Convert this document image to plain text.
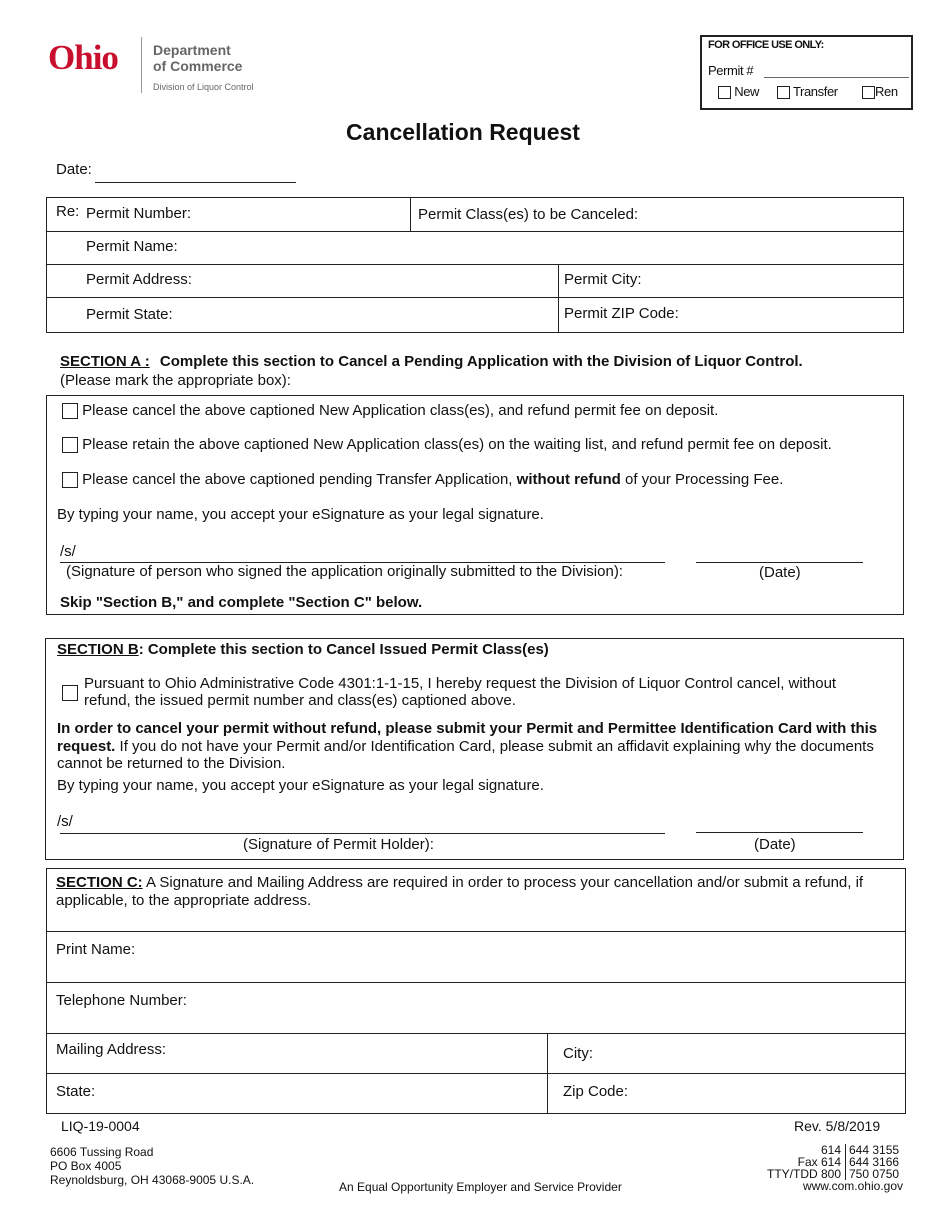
Ohio	Department
of Commerce
Division of Liquor Control
FOR OFFICE USE ONLY:
Permit #
New	Transfer	Ren
Cancellation Request
Date:
Re: Permit Number:	Permit Class(es) to be Canceled:
Permit Name:
Permit Address:	Permit City:
Permit State:	Permit ZIP Code:
SECTION A : Complete this section to Cancel a Pending Application with the Division of Liquor Control.
(Please mark the appropriate box):
Please cancel the above captioned New Application class(es), and refund permit fee on deposit.
Please retain the above captioned New Application class(es) on the waiting list, and refund permit fee on deposit.
Please cancel the above captioned pending Transfer Application, without refund of your Processing Fee.
By typing your name, you accept your eSignature as your legal signature.
/s/
(Signature of person who signed the application originally submitted to the Division):	(Date)
Skip "Section B," and complete "Section C" below.
SECTION B: Complete this section to Cancel Issued Permit Class(es)
Pursuant to Ohio Administrative Code 4301:1-1-15, I hereby request the Division of Liquor Control cancel, without
refund, the issued permit number and class(es) captioned above.
In order to cancel your permit without refund, please submit your Permit and Permittee Identification Card with this request. If you do not have your Permit and/or Identification Card, please submit an affidavit explaining why the documents cannot be returned to the Division.
By typing your name, you accept your eSignature as your legal signature.
/s/
(Signature of Permit Holder):	(Date)
SECTION C: A Signature and Mailing Address are required in order to process your cancellation and/or submit a refund, if applicable, to the appropriate address.
Print Name:
Telephone Number:
Mailing Address:	City:
State:	Zip Code:
LIQ-19-0004	Rev. 5/8/2019
6606 Tussing Road
PO Box 4005
Reynoldsburg, OH 43068-9005 U.S.A.	An Equal Opportunity Employer and Service Provider
614 644 3155
Fax 614 644 3166
TTY/TDD 800 750 0750
www.com.ohio.gov
